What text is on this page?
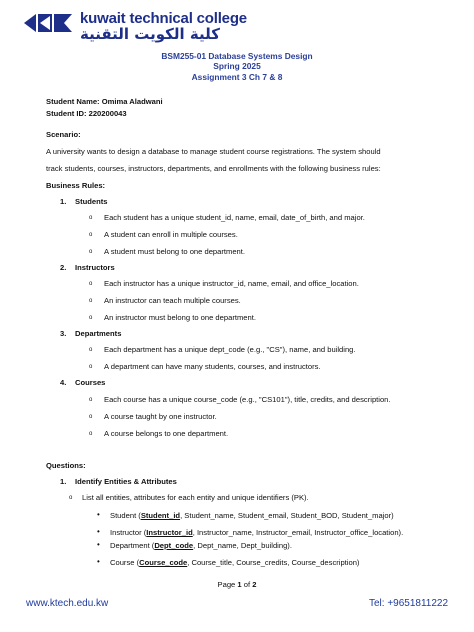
kuwait technical college
كلية الكويت التقنية
BSM255-01 Database Systems Design
Spring 2025
Assignment 3 Ch 7 & 8
Student Name: Omima Aladwani
Student ID: 220200043
Scenario:
A university wants to design a database to manage student course registrations. The system should
track students, courses, instructors, departments, and enrollments with the following business rules:
Business Rules:
1. Students
o Each student has a unique student_id, name, email, date_of_birth, and major.
o A student can enroll in multiple courses.
o A student must belong to one department.
2. Instructors
o Each instructor has a unique instructor_id, name, email, and office_location.
o An instructor can teach multiple courses.
o An instructor must belong to one department.
3. Departments
o Each department has a unique dept_code (e.g., "CS"), name, and building.
o A department can have many students, courses, and instructors.
4. Courses
o Each course has a unique course_code (e.g., "CS101"), title, credits, and description.
o A course taught by one instructor.
o A course belongs to one department.
Questions:
1. Identify Entities & Attributes
o List all entities, attributes for each entity and unique identifiers (PK).
• Student (Student_id, Student_name, Student_email, Student_BOD, Student_major)
• Instructor (Instructor_id, Instructor_name, Instructor_email, Instructor_office_location).
• Department (Dept_code, Dept_name, Dept_building).
• Course (Course_code, Course_title, Course_credits, Course_description)
Page 1 of 2
www.ktech.edu.kw	Tel: +9651811222
